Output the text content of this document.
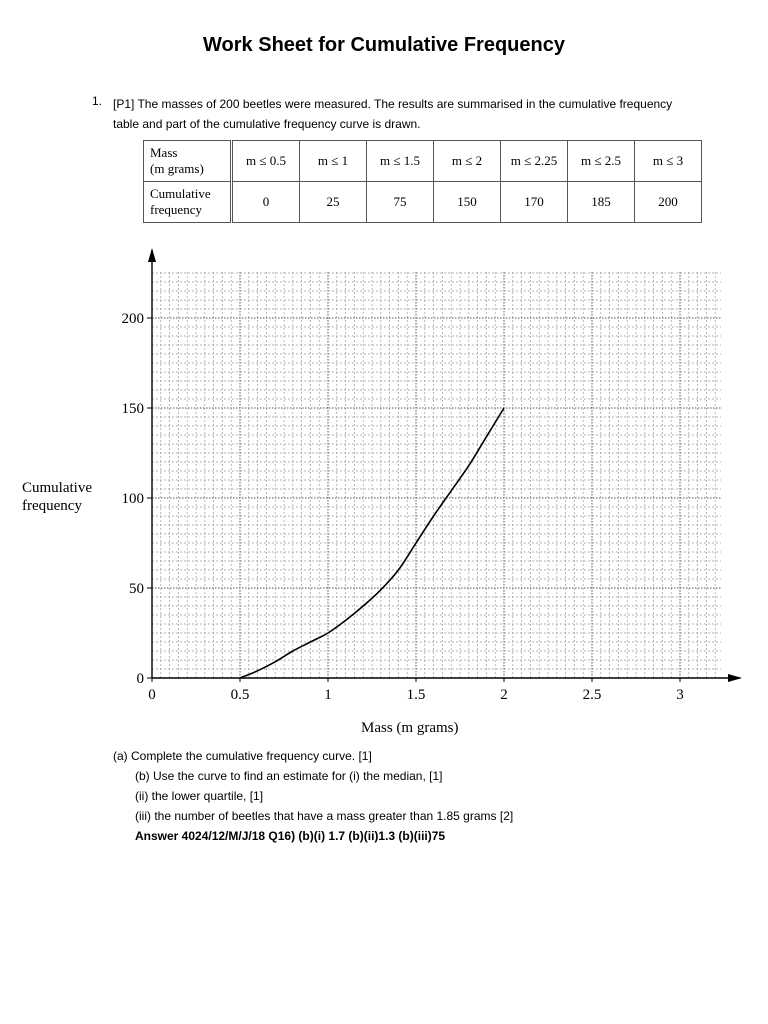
Work Sheet for Cumulative Frequency
1. [P1] The masses of 200 beetles were measured. The results are summarised in the cumulative frequency table and part of the cumulative frequency curve is drawn.
Mass
(m grams)	m ≤ 0.5	m ≤ 1	m ≤ 1.5	m ≤ 2	m ≤ 2.25	m ≤ 2.5	m ≤ 3

Cumulative
frequency	0	25	75	150	170	185	200
0	0.5	1	1.5	2	2.5	3
0
50
100
150
200
Cumulative
frequency
Mass (m grams)
(a) Complete the cumulative frequency curve. [1]
(b) Use the curve to find an estimate for (i) the median, [1]
(ii) the lower quartile, [1]
(iii) the number of beetles that have a mass greater than 1.85 grams [2]
Answer 4024/12/M/J/18 Q16) (b)(i) 1.7 (b)(ii)1.3 (b)(iii)75
